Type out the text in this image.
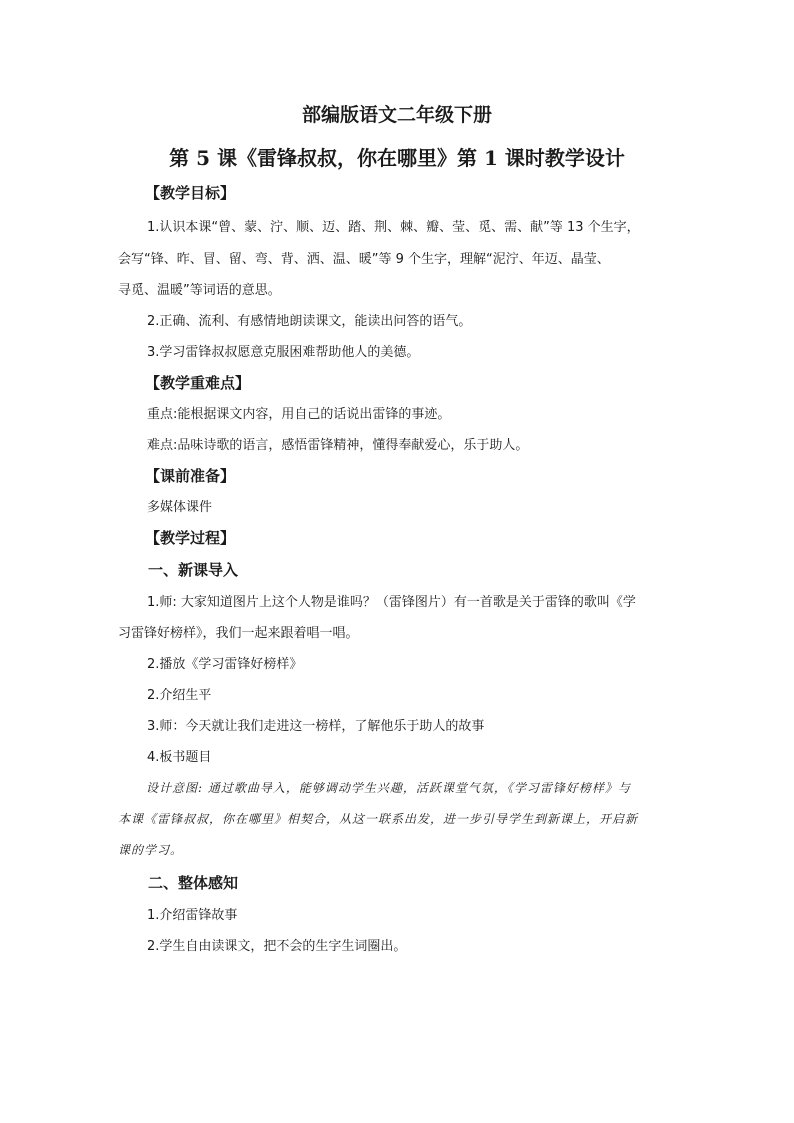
部编版语文二年级下册
第 5 课《雷锋叔叔，你在哪里》第 1 课时教学设计
【教学目标】
1.认识本课“曾、蒙、泞、顺、迈、踏、荆、棘、瓣、莹、觅、需、献”等 13 个生字，
会写“锋、昨、冒、留、弯、背、洒、温、暖”等 9 个生字，理解“泥泞、年迈、晶莹、
寻觅、温暖”等词语的意思。
2.正确、流利、有感情地朗读课文，能读出问答的语气。
3.学习雷锋叔叔愿意克服困难帮助他人的美德。
【教学重难点】
重点:能根据课文内容，用自己的话说出雷锋的事迹。
难点:品味诗歌的语言，感悟雷锋精神，懂得奉献爱心，乐于助人。
【课前准备】
多媒体课件
【教学过程】
一、新课导入
1.师: 大家知道图片上这个人物是谁吗？（雷锋图片）有一首歌是关于雷锋的歌叫《学
习雷锋好榜样》，我们一起来跟着唱一唱。
2.播放《学习雷锋好榜样》
2.介绍生平
3.师：今天就让我们走进这一榜样，了解他乐于助人的故事
4.板书题目
设计意图: 通过歌曲导入，能够调动学生兴趣，活跃课堂气氛，《学习雷锋好榜样》与
本课《雷锋叔叔，你在哪里》相契合，从这一联系出发，进一步引导学生到新课上，开启新
课的学习。
二、整体感知
1.介绍雷锋故事
2.学生自由读课文，把不会的生字生词圈出。
